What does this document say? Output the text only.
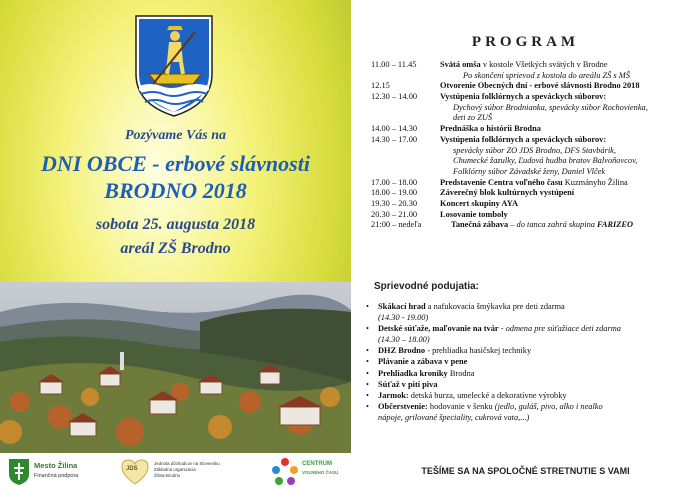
Pozývame Vás na
DNI OBCE - erbové slávnosti
BRODNO 2018
sobota 25. augusta 2018
areál ZŠ Brodno
Mesto Žilina
Finančná podpora
JDS
Jednota dôchodcov na Slovensku
Základná organizácia
Žilina-Brodno
CENTRUM
VOĽNÉHO ČASU
PROGRAM
11.00 – 11.45	Svätá omša v kostole Všetkých svätých v Brodne
Po skončení sprievod z kostola do areálu ZŠ s MŠ
12.15	Otvorenie Obecných dní - erbové slávnosti Brodno 2018
12.30 – 14.00	Vystúpenia folklórnych a speváckych súborov:
Dychový súbor Brodnianka, spevácky súbor Rochovienka,
deti zo ZUŠ
14.00 – 14.30	Prednáška o histórii Brodna
14.30 – 17.00	Vystúpenia folklórnych a speváckych súborov:
spevácky súbor ZO JDS Brodno, DFS Stavbárik,
Chumecké žazulky, Ľudová hudba bratov Balvoňovcov,
Folklórny súbor Závadské ženy, Daniel Vlček
17.00 – 18.00	Predstavenie Centra voľného času Kuzmányho Žilina
18.00 – 19.00	Záverečný blok kultúrnych vystúpení
19.30 – 20.30	Koncert skupiny AYA
20.30 – 21.00	Losovanie tomboly
21:00 – nedeľa	Tanečná zábava – do tanca zahrá skupina FARIZEO
Sprievodné podujatia:
• Skákací hrad a nafukovacia šmýkavka pre deti zdarma
(14.30 - 19.00)
• Detské súťaže, maľovanie na tvár - odmena pre súťažiace deti zdarma
(14.30 – 18.00)
• DHZ Brodno - prehliadka hasičskej techniky
• Plávanie a zábava v pene
• Prehliadka kroniky Brodna
• Súťaž v pití piva
• Jarmok: detská burza, umelecké a dekoratívne výrobky
• Občerstvenie: hodovanie v šenku (jedlo, guláš, pivo, alko i nealko
nápoje, grilované špeciality, cukrová vata,...)
TEŠÍME SA NA SPOLOČNÉ STRETNUTIE S VAMI
